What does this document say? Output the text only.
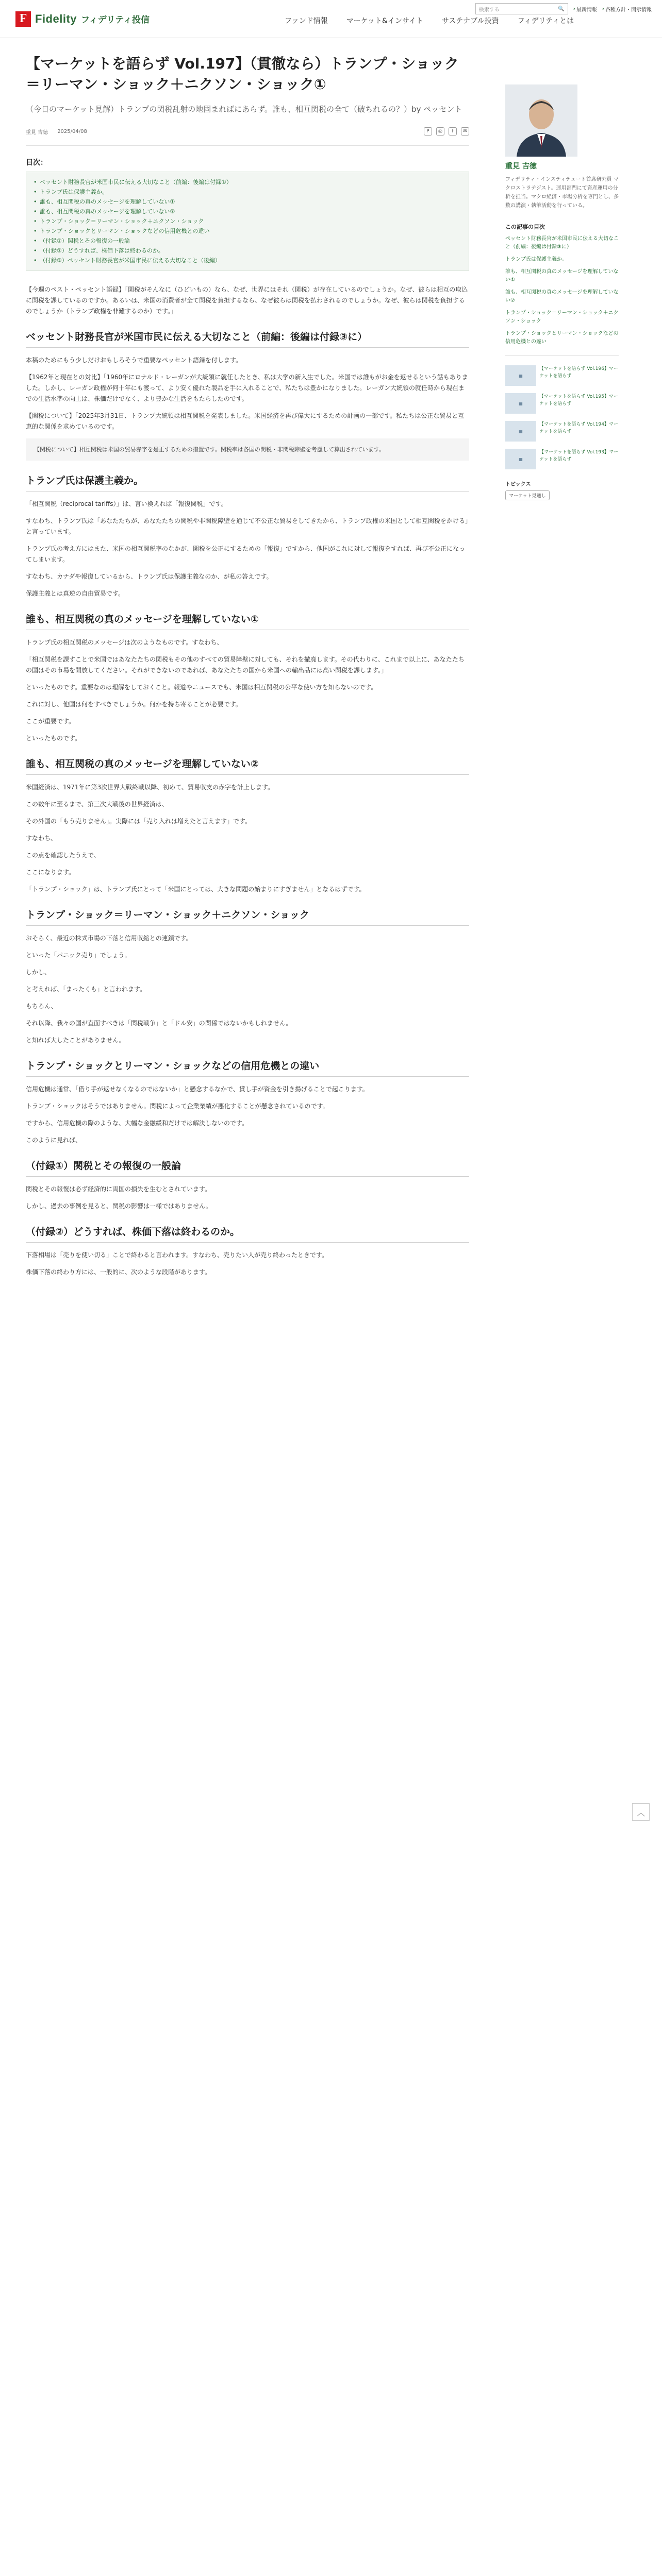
F Fidelity フィデリティ投信	ファンド情報	マーケット&インサイト	サステナブル投資	フィデリティとは
検索する	🔍	› 最新情報	› 各種方針・開示情報
【マーケットを語らず Vol.197】（貫徹なら）トランプ・ショック＝リーマン・ショック＋ニクソン・ショック①

（今日のマーケット見解）トランプの関税乱射の地固まればにあらず。誰も、相互関税の全て（破ちれるの？）by ペッセント

重見 吉徳 2025/04/08	P	⎙	f	✉
目次：
• ペッセント財務長官が米国市民に伝える大切なこと（前編：後編は付録①）
• トランプ氏は保護主義か。
• 誰も、相互関税の真のメッセージを理解していない①
• 誰も、相互関税の真のメッセージを理解していない②
• トランプ・ショック＝リーマン・ショック＋ニクソン・ショック
• トランプ・ショックとリーマン・ショックなどの信用危機との違い
• （付録①）関税とその報復の一般論
• （付録②）どうすれば、株価下落は終わるのか。
• （付録③）ペッセント財務長官が米国市民に伝える大切なこと（後編）

【今週のペスト・ペッセント語録】「関税がそんなに（ひどいもの）なら、なぜ、世界にはそれ（関税）が存在しているのでしょうか。なぜ、彼らは相互の取込に関税を課しているのですか。あるいは、米国の消費者が全て関税を負担するなら、なぜ彼らは関税を払わされるのでしょうか。なぜ、彼らは関税を負担するのでしょうか（トランプ政権を非難するのか）です。」

ベッセント財務長官が米国市民に伝える大切なこと（前編：後編は付録③に）

本稿のためにもう少しだけおもしろそうで重要なペッセント語録を付します。

【1962年と現在との対比】「1960年にロナルド・レーガンが大統領に就任したとき、私は大学の新入生でした。米国では誰もがお金を返せるという話もありました。しかし、レーガン政権が何十年にも渡って、より安く優れた製品を手に入れることで、私たちは豊かになりました。レーガン大統領の就任時から現在までの生活水準の向上は、株価だけでなく、より豊かな生活をもたらしたのです。

【関税について】「2025年3月31日、トランプ大統領は相互関税を発表しました。米国経済を再び偉大にするための計画の一部です。私たちは公正な貿易と互恵的な関係を求めているのです。

【関税について】相互関税は米国の貿易赤字を是正するための措置です。関税率は各国の関税・非関税障壁を考慮して算出されています。

トランプ氏は保護主義か。

「相互関税（reciprocal tariffs）」は、言い換えれば「報復関税」です。

すなわち、トランプ氏は「あなたたちが、あなたたちの関税や非関税障壁を通じて不公正な貿易をしてきたから、トランプ政権の米国として相互関税をかける」と言っています。

トランプ氏の考え方にはまた、米国の相互関税率のなかが、関税を公正にするための「報復」ですから、他国がこれに対して報復をすれば、再び不公正になってしまいます。

すなわち、カナダや報復しているから、トランプ氏は保護主義なのか、が私の答えです。

保護主義とは真逆の自由貿易です。

誰も、相互関税の真のメッセージを理解していない①

トランプ氏の相互関税のメッセージは次のようなものです。すなわち、

「相互関税を課すことで米国ではあなたたちの関税もその他のすべての貿易障壁に対しても、それを撤廃します。その代わりに、これまで以上に、あなたたちの国はその市場を開放してください。それができないのであれば、あなたたちの国から米国への輸出品には高い関税を課します。」

といったものです。重要なのは理解をしておくこと。報道やニュースでも、米国は相互関税の公平な使い方を知らないのです。

これに対し、他国は何をすべきでしょうか。何かを持ち寄ることが必要です。

ここが重要です。

といったものです。

誰も、相互関税の真のメッセージを理解していない②

米国経済は、1971年に第3次世界大戦終戦以降、初めて、貿易収支の赤字を計上します。

この数年に至るまで、第三次大戦後の世界経済は、

その外国の「もう売りません」。実際には「売り入れは増えたと言えます」です。

すなわち、

この点を確認したうえで、

ここになります。

「トランプ・ショック」は、トランプ氏にとって「米国にとっては、大きな問題の始まりにすぎません」となるはずです。

トランプ・ショック＝リーマン・ショック＋ニクソン・ショック

おそらく、最近の株式市場の下落と信用収縮との連鎖です。

といった「パニック売り」でしょう。

しかし、

と考えれば、「まったくも」と言われます。

もちろん、

それ以降、我々の国が直面すべきは「関税戦争」と「ドル安」の関係ではないかもしれません。

と知れば大したことがありません。

トランプ・ショックとリーマン・ショックなどの信用危機との違い

信用危機は通常、「借り手が返せなくなるのではないか」と懸念するなかで、貸し手が資金を引き揚げることで起こります。

トランプ・ショックはそうではありません。関税によって企業業績が悪化することが懸念されているのです。

ですから、信用危機の際のような、大幅な金融緩和だけでは解決しないのです。

このように見れば、

（付録①）関税とその報復の一般論

関税とその報復は必ず経済的に両国の損失を生むとされています。

しかし、過去の事例を見ると、関税の影響は一様ではありません。

（付録②）どうすれば、株価下落は終わるのか。

下落相場は「売りを使い切る」ことで終わると言われます。すなわち、売りたい人が売り終わったときです。

株価下落の終わり方には、一般的に、次のような段階があります。

重見 吉徳

フィデリティ・インスティテュート首席研究員 マクロストラテジスト。運用部門にて資産運用の分析を担当。マクロ経済・市場分析を専門とし、多数の講演・執筆活動を行っている。

この記事の目次
ペッセント財務長官が米国市民に伝える大切なこと（前編：後編は付録③に）
トランプ氏は保護主義か。
誰も、相互関税の真のメッセージを理解していない①
誰も、相互関税の真のメッセージを理解していない②
トランプ・ショック＝リーマン・ショック＋ニクソン・ショック
トランプ・ショックとリーマン・ショックなどの信用危機との違い
▦
【マーケットを語らず Vol.196】マーケットを語らず
▦
【マーケットを語らず Vol.195】マーケットを語らず
▦
【マーケットを語らず Vol.194】マーケットを語らず
▦
【マーケットを語らず Vol.193】マーケットを語らず
トピックス
マーケット見通し
︿
